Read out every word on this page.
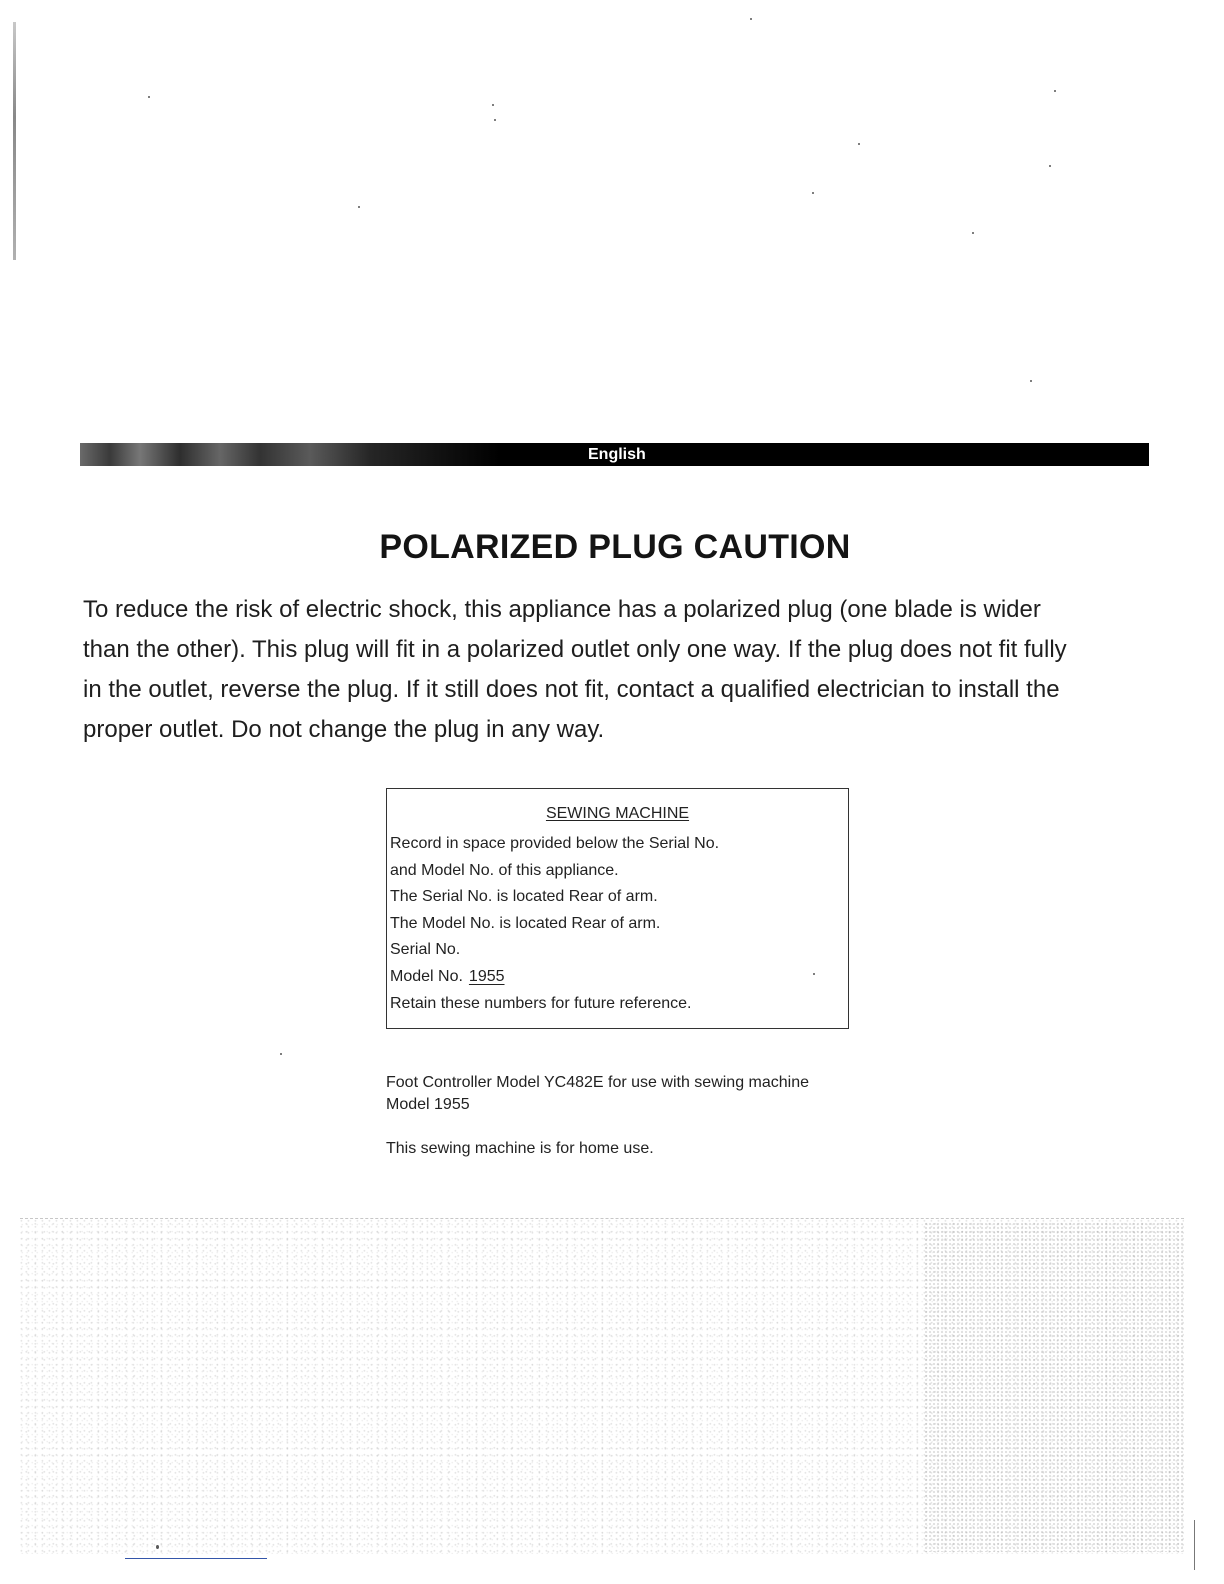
English
POLARIZED PLUG CAUTION
To reduce the risk of electric shock, this appliance has a polarized plug (one blade is wider
than the other). This plug will fit in a polarized outlet only one way. If the plug does not fit fully
in the outlet, reverse the plug. If it still does not fit, contact a qualified electrician to install the
proper outlet. Do not change the plug in any way.
SEWING MACHINE
Record in space provided below the Serial No.
and Model No. of this appliance.
The Serial No. is located Rear of arm.
The Model No. is located Rear of arm.
Serial No.
Model No. 1955
Retain these numbers for future reference.
Foot Controller Model YC482E for use with sewing machine
Model 1955
This sewing machine is for home use.
